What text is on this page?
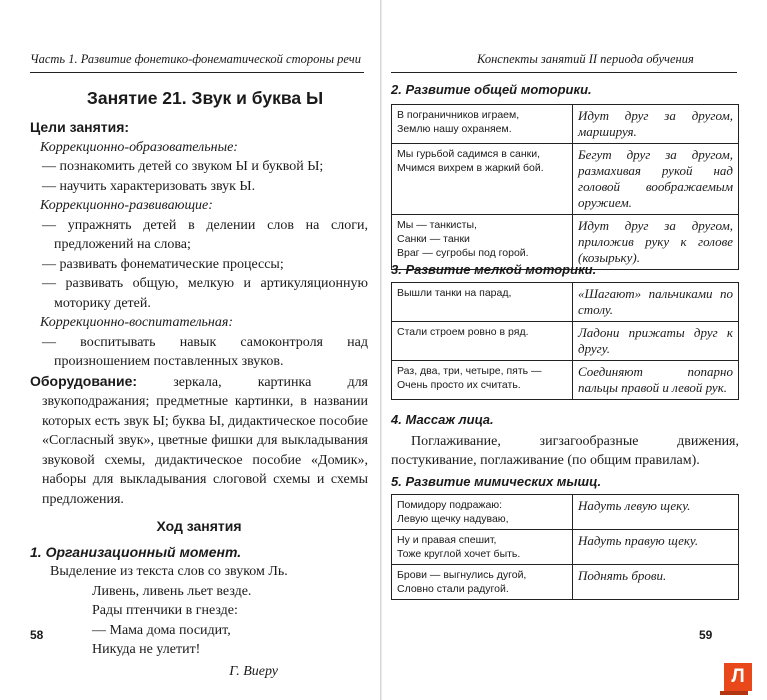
Часть 1. Развитие фонетико-фонематической стороны речи
Занятие 21. Звук и буква Ы

Цели занятия:

Коррекционно-образовательные:

— познакомить детей со звуком Ы и буквой Ы;

— научить характеризовать звук Ы.

Коррекционно-развивающие:

— упражнять детей в делении слов на слоги, предложений на слова;

— развивать фонематические процессы;

— развивать общую, мелкую и артикуляционную моторику детей.

Коррекционно-воспитательная:

— воспитывать навык самоконтроля над произношением поставленных звуков.

Оборудование: зеркала, картинка для звукоподражания; предметные картинки, в названии которых есть звук Ы; буква Ы, дидактическое пособие «Согласный звук», цветные фишки для выкладывания звуковой схемы, дидактическое пособие «Домик», наборы для выкладывания слоговой схемы и схемы предложения.

Ход занятия

1. Организационный момент.

Выделение из текста слов со звуком Ль.

Ливень, ливень льет везде.

Рады птенчики в гнезде:

— Мама дома посидит,

Никуда не улетит!

Г. Виеру

58
Конспекты занятий II периода обучения
2. Развитие общей моторики.
В пограничников играем,
Землю нашу охраняем.	Идут друг за другом, маршируя.
Мы гурьбой садимся в санки,
Мчимся вихрем в жаркий бой.	Бегут друг за другом, размахивая рукой над головой воображаемым оружием.
Мы — танкисты,
Санки — танки
Враг — сугробы под горой.	Идут друг за другом, приложив руку к голове (козырьку).
3. Развитие мелкой моторики.
Вышли танки на парад,	«Шагают» пальчиками по столу.
Стали строем ровно в ряд.	Ладони прижаты друг к другу.
Раз, два, три, четыре, пять —
Очень просто их считать.	Соединяют попарно пальцы правой и левой рук.
4. Массаж лица.
Поглаживание, зигзагообразные движения, постукивание, поглаживание (по общим правилам).
5. Развитие мимических мышц.
Помидору подражаю:
Левую щечку надуваю,	Надуть левую щеку.
Ну и правая спешит,
Тоже круглой хочет быть.	Надуть правую щеку.
Брови — выгнулись дугой,
Словно стали радугой.	Поднять брови.
59
Л
